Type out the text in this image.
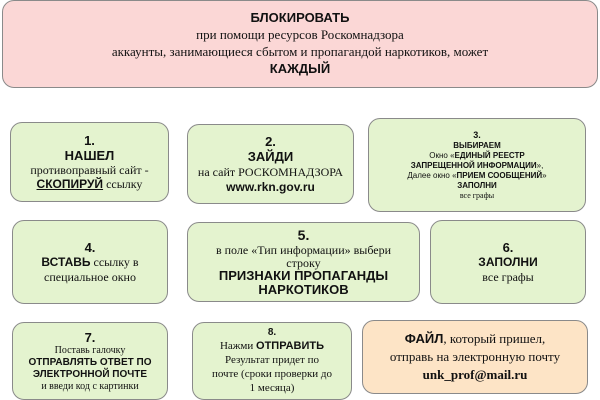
БЛОКИРОВАТЬ

при помощи ресурсов Роскомнадзора

аккаунты, занимающиеся сбытом и пропагандой наркотиков, может

КАЖДЫЙ

1.

НАШЕЛ

противоправный сайт -

СКОПИРУЙ ссылку

2.

ЗАЙДИ

на сайт РОСКОМНАДЗОРА

www.rkn.gov.ru

3.

ВЫБИРАЕМ

Окно «ЕДИНЫЙ РЕЕСТР

ЗАПРЕЩЕННОЙ ИНФОРМАЦИИ»,

Далее окно «ПРИЕМ СООБЩЕНИЙ»

ЗАПОЛНИ

все графы

4.

ВСТАВЬ ссылку в

специальное окно

5.

в поле «Тип информации» выбери

строку

ПРИЗНАКИ ПРОПАГАНДЫ

НАРКОТИКОВ

6.

ЗАПОЛНИ

все графы

7.

Поставь галочку

ОТПРАВЛЯТЬ ОТВЕТ ПО

ЭЛЕКТРОННОЙ ПОЧТЕ

и введи код с картинки

8.

Нажми ОТПРАВИТЬ

Результат придет по

почте (сроки проверки до

1 месяца)

ФАЙЛ, который пришел,

отправь на электронную почту

unk_prof@mail.ru
